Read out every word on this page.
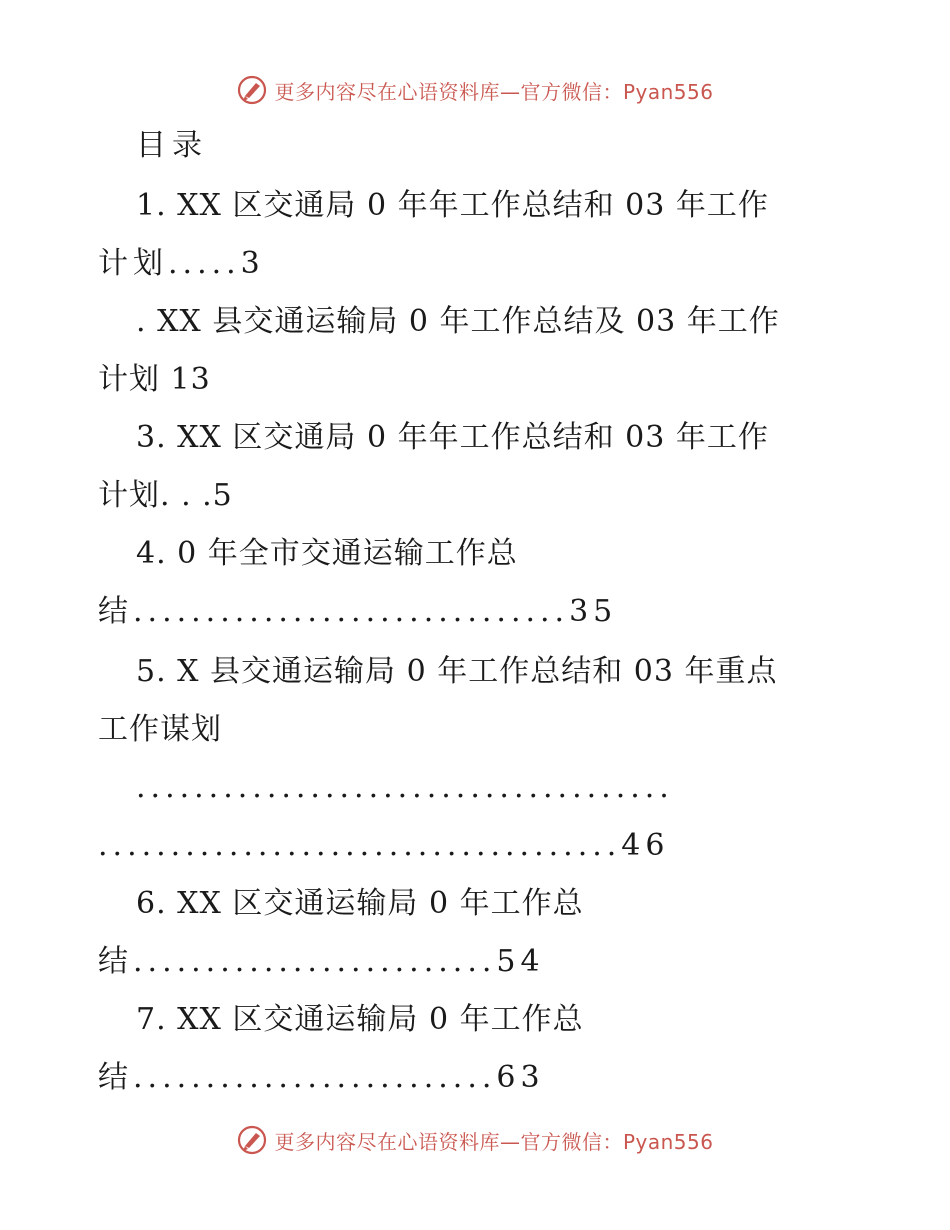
更多内容尽在心语资料库—官方微信：Pyan556
目录
1. XX 区交通局 0 年年工作总结和 03 年工作
计划.....3
. XX 县交通运输局 0 年工作总结及 03 年工作
计划 13
3. XX 区交通局 0 年年工作总结和 03 年工作
计划. . .5
4. 0 年全市交通运输工作总
结..............................35
5. X 县交通运输局 0 年工作总结和 03 年重点
工作谋划
.....................................
....................................46
6. XX 区交通运输局 0 年工作总
结.........................54
7. XX 区交通运输局 0 年工作总
结.........................63
更多内容尽在心语资料库—官方微信：Pyan556
